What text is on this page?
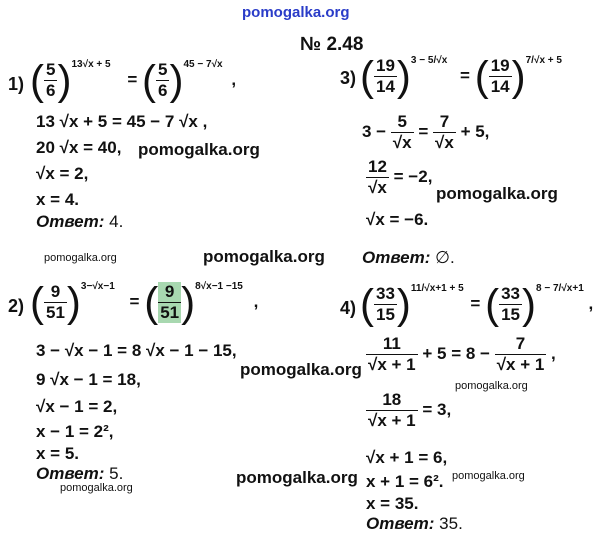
pomogalka.org
№ 2.48
1) ( $\frac{5}{6} )^{13√x + 5}$ = ( $\frac{5}{6} )^{45 - 7√x}$ ,
13 √x + 5 = 45 − 7 √x ,
20 √x = 40,
√x = 2,
x = 4.
Ответ: 4.
pomogalka.org
pomogalka.org	pomogalka.org
3) ( $\frac{19}{14} )^{3 - 5/√x}$ = ( $\frac{19}{14} )^{7/√x + 5}$
$3 - \frac{5}{√x} = \frac{7}{√x} + 5$,
$\frac{12}{√x} = -2$,
√x = −6.
Ответ: ∅.
pomogalka.org
2) ( $\frac{9}{51} )^{3-√x-1}$ = ( $\frac{9}{51} )^{8√x-1 -15}$ ,
3 − √x − 1 = 8 √x − 1 − 15,
9 √x − 1 = 18,
√x − 1 = 2,
x − 1 = 2²,
x = 5.
Ответ: 5.
pomogalka.org
pomogalka.org
pomogalka.org
4) ( $\frac{33}{15} )^{11/√x+1 + 5}$ = ( $\frac{33}{15} )^{8 - 7/√x+1}$ ,
$\frac{11}{√x + 1} + 5 = 8 - \frac{7}{√x + 1}$ ,
$\frac{18}{√x + 1} = 3$,
√x + 1 = 6,
x + 1 = 6².
x = 35.
Ответ: 35.
pomogalka.org
pomogalka.org
